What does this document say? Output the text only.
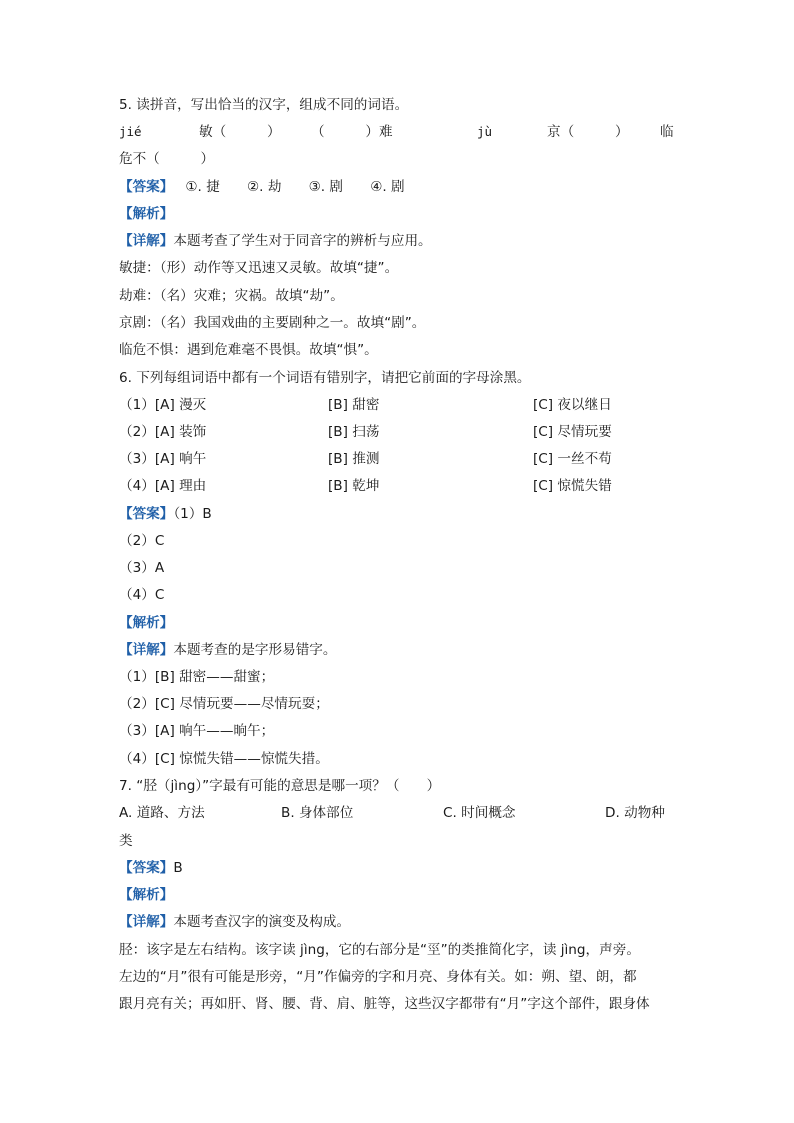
5. 读拼音，写出恰当的汉字，组成不同的词语。
jié	敏（　　　） （　　　）难	jù	京（　　　） 临
危不（　　　）
【答案】 ①. 捷　　②. 劫　　③. 剧　　④. 剧
【解析】
【详解】本题考查了学生对于同音字的辨析与应用。
敏捷：（形）动作等又迅速又灵敏。故填“捷”。
劫难：（名）灾难；灾祸。故填“劫”。
京剧：（名）我国戏曲的主要剧种之一。故填“剧”。
临危不惧：遇到危难毫不畏惧。故填“惧”。
6. 下列每组词语中都有一个词语有错别字，请把它前面的字母涂黑。
（1）[A] 漫灭	[B] 甜密	[C] 夜以继日
（2）[A] 装饰	[B] 扫荡	[C] 尽情玩要
（3）[A] 响午	[B] 推测	[C] 一丝不苟
（4）[A] 理由	[B] 乾坤	[C] 惊慌失错
【答案】（1）B
（2）C
（3）A
（4）C
【解析】
【详解】本题考查的是字形易错字。
（1）[B] 甜密——甜蜜；
（2）[C] 尽情玩要——尽情玩耍；
（3）[A] 响午——晌午；
（4）[C] 惊慌失错——惊慌失措。
7. “胫（jìng）”字最有可能的意思是哪一项？（　　）
A. 道路、方法	B. 身体部位	C. 时间概念	D. 动物种
类
【答案】B
【解析】
【详解】本题考查汉字的演变及构成。
胫：该字是左右结构。该字读 jìng，它的右部分是“巠”的类推简化字，读 jìng，声旁。
左边的“月”很有可能是形旁，“月”作偏旁的字和月亮、身体有关。如：朔、望、朗，都
跟月亮有关；再如肝、肾、腰、背、肩、脏等，这些汉字都带有“月”字这个部件，跟身体
